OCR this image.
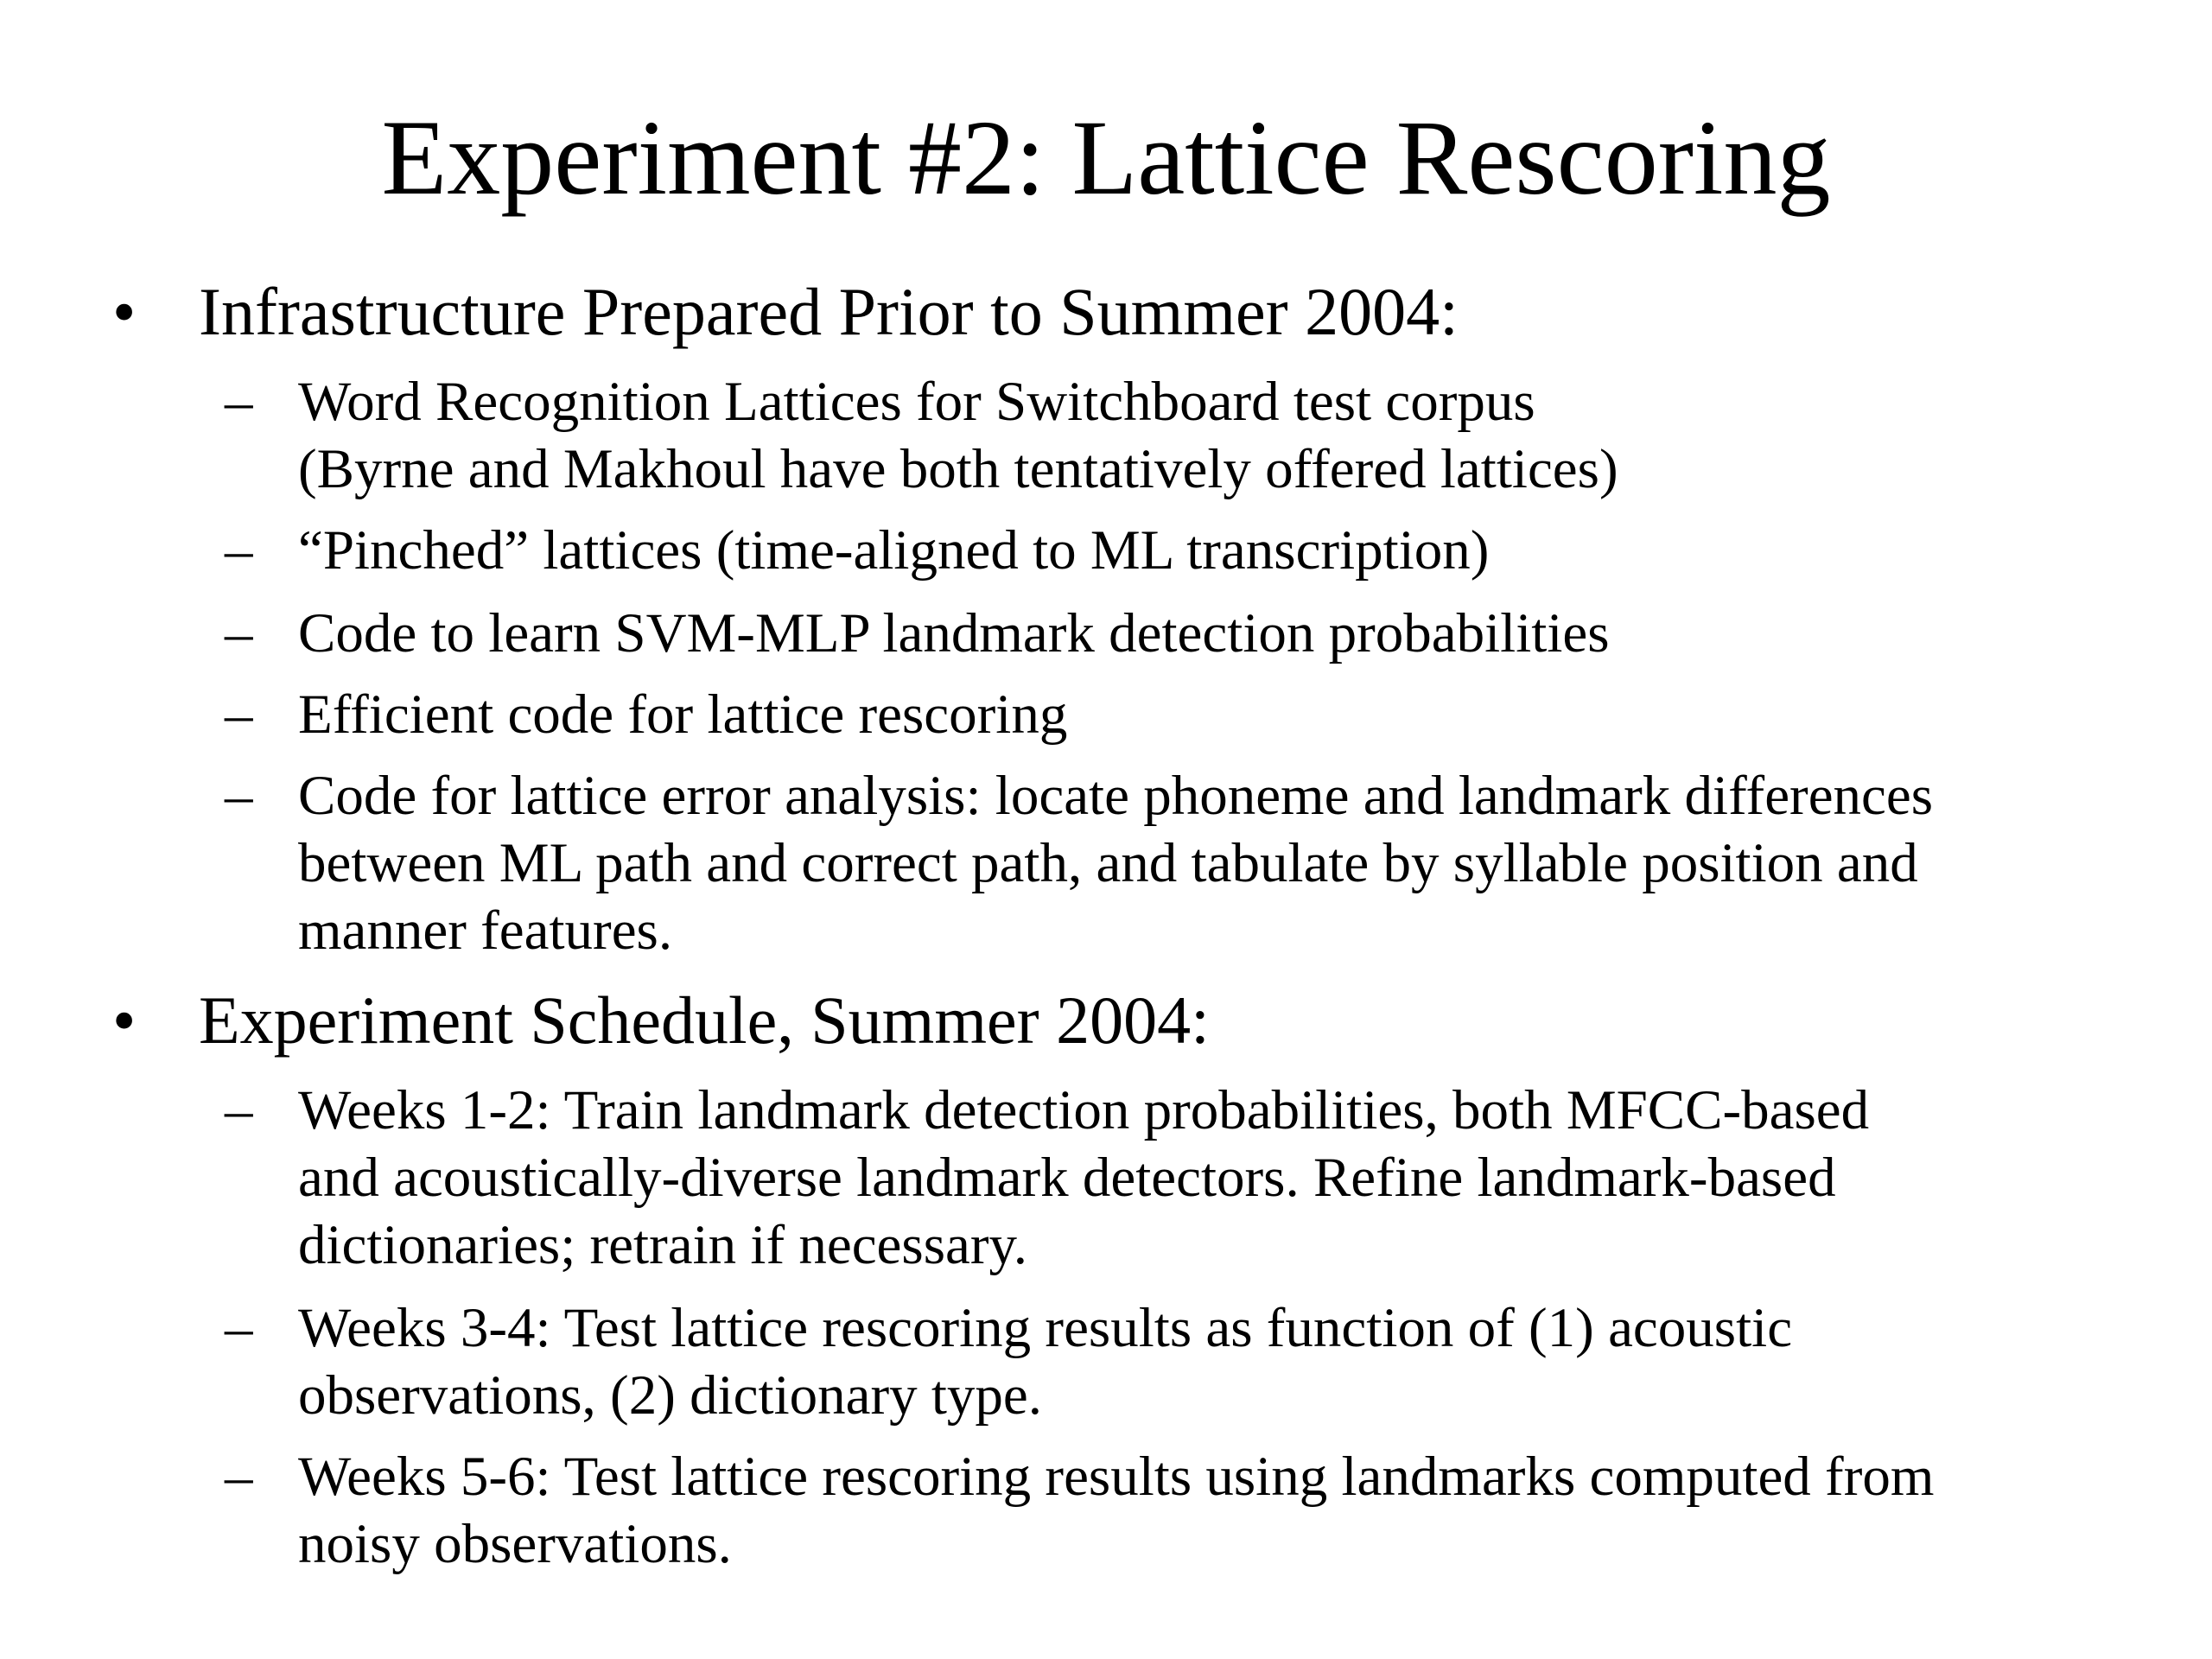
Experiment #2: Lattice Rescoring
• Infrastructure Prepared Prior to Summer 2004:
– Word Recognition Lattices for Switchboard test corpus
(Byrne and Makhoul have both tentatively offered lattices)
– “Pinched” lattices (time-aligned to ML transcription)
– Code to learn SVM-MLP landmark detection probabilities
– Efficient code for lattice rescoring
– Code for lattice error analysis: locate phoneme and landmark differences
between ML path and correct path, and tabulate by syllable position and
manner features.
• Experiment Schedule, Summer 2004:
– Weeks 1-2: Train landmark detection probabilities, both MFCC-based
and acoustically-diverse landmark detectors. Refine landmark-based
dictionaries; retrain if necessary.
– Weeks 3-4: Test lattice rescoring results as function of (1) acoustic
observations, (2) dictionary type.
– Weeks 5-6: Test lattice rescoring results using landmarks computed from
noisy observations.
